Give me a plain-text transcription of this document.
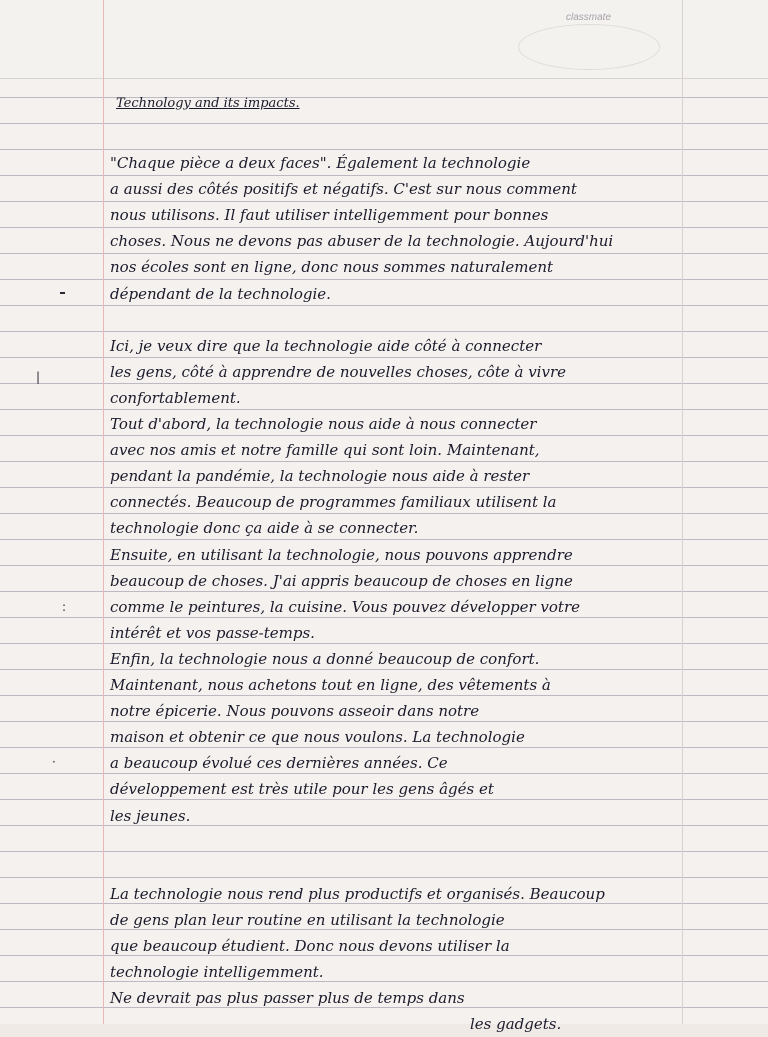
classmate
Technology and its impacts.
"Chaque pièce a deux faces". Également la technologie
a aussi des côtés positifs et négatifs. C'est sur nous comment
nous utilisons. Il faut utiliser intelligemment pour bonnes
choses. Nous ne devons pas abuser de la technologie. Aujourd'hui
nos écoles sont en ligne, donc nous sommes naturalement
dépendant de la technologie.
Ici, je veux dire que la technologie aide côté à connecter
les gens, côté à apprendre de nouvelles choses, côte à vivre
confortablement.
Tout d'abord, la technologie nous aide à nous connecter
avec nos amis et notre famille qui sont loin. Maintenant,
pendant la pandémie, la technologie nous aide à rester
connectés. Beaucoup de programmes familiaux utilisent la
technologie donc ça aide à se connecter.
Ensuite, en utilisant la technologie, nous pouvons apprendre
beaucoup de choses. J'ai appris beaucoup de choses en ligne
comme le peintures, la cuisine. Vous pouvez développer votre
intérêt et vos passe-temps.
Enfin, la technologie nous a donné beaucoup de confort.
Maintenant, nous achetons tout en ligne, des vêtements à
notre épicerie. Nous pouvons asseoir dans notre
maison et obtenir ce que nous voulons. La technologie
a beaucoup évolué ces dernières années. Ce
développement est très utile pour les gens âgés et
les jeunes.
La technologie nous rend plus productifs et organisés. Beaucoup
de gens plan leur routine en utilisant la technologie
que beaucoup étudient. Donc nous devons utiliser la
technologie intelligemment.
Ne devrait pas plus passer plus de temps dans
les gadgets.
|
:
·
